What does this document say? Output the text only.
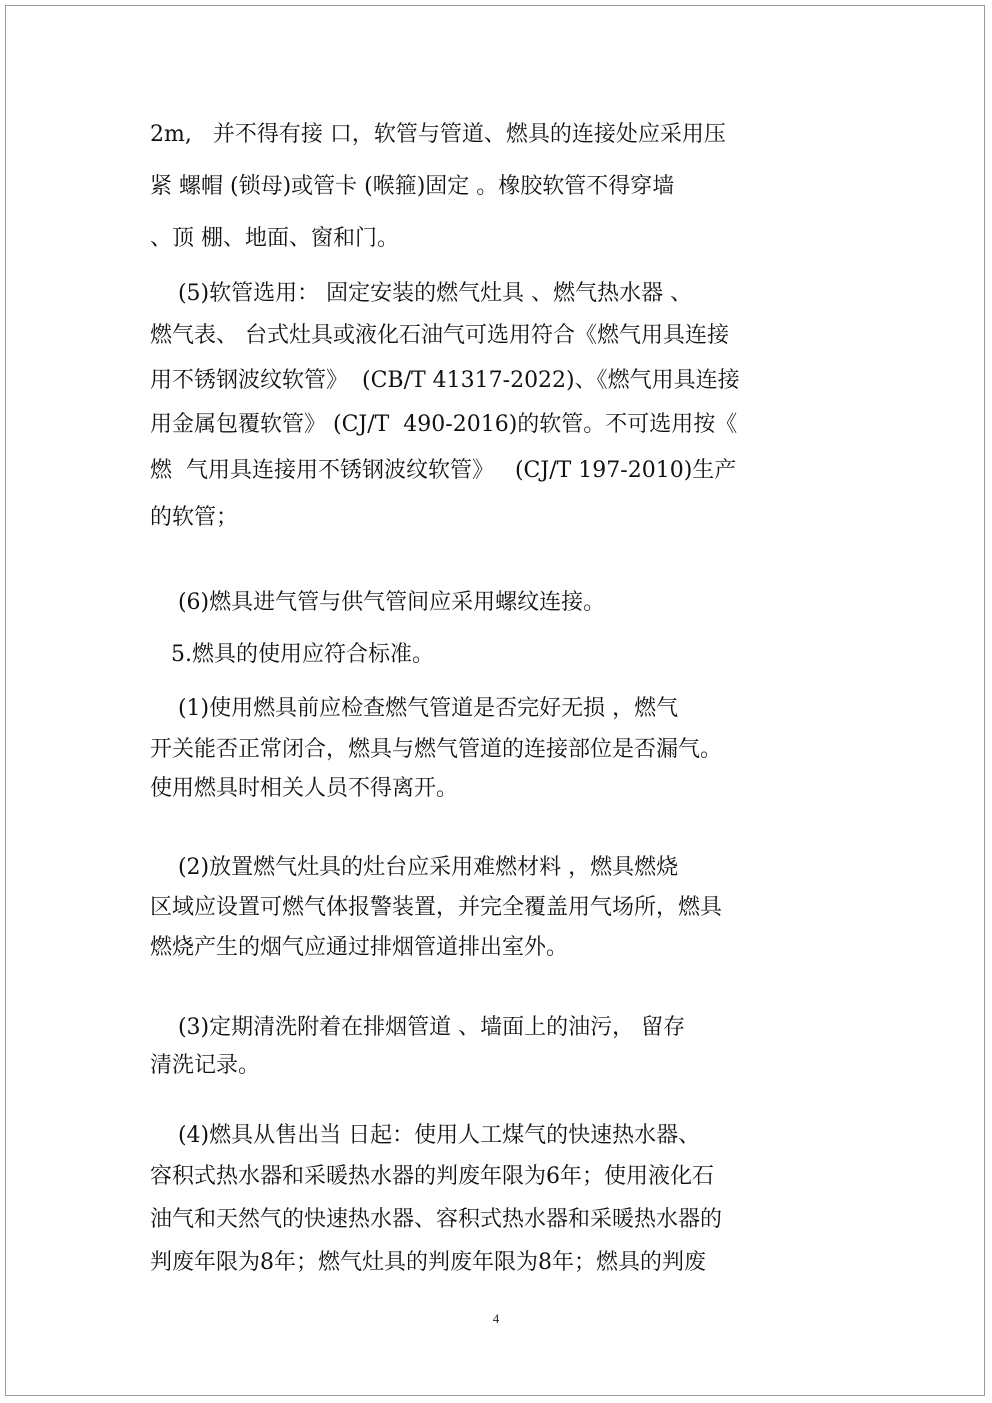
2m,   并不得有接 口，软管与管道、燃具的连接处应采用压

紧 螺帽 (锁母)或管卡 (喉箍)固定 。橡胶软管不得穿墙

、顶 棚、地面、窗和门。

(5)软管选用： 固定安装的燃气灶具 、燃气热水器 、

燃气表、 台式灶具或液化石油气可选用符合《燃气用具连接

用不锈钢波纹软管》  (CB/T 41317-2022)、《燃气用具连接

用金属包覆软管》 (CJ/T  490-2016)的软管。不可选用按《

燃  气用具连接用不锈钢波纹软管》   (CJ/T 197-2010)生产

的软管；

(6)燃具进气管与供气管间应采用螺纹连接。

5.燃具的使用应符合标准。

(1)使用燃具前应检查燃气管道是否完好无损 ，燃气

开关能否正常闭合，燃具与燃气管道的连接部位是否漏气。

使用燃具时相关人员不得离开。

(2)放置燃气灶具的灶台应采用难燃材料 ，燃具燃烧

区域应设置可燃气体报警装置，并完全覆盖用气场所，燃具

燃烧产生的烟气应通过排烟管道排出室外。

(3)定期清洗附着在排烟管道 、墙面上的油污， 留存

清洗记录。

(4)燃具从售出当 日起：使用人工煤气的快速热水器、

容积式热水器和采暖热水器的判废年限为6年；使用液化石

油气和天然气的快速热水器、容积式热水器和采暖热水器的

判废年限为8年；燃气灶具的判废年限为8年；燃具的判废

4
